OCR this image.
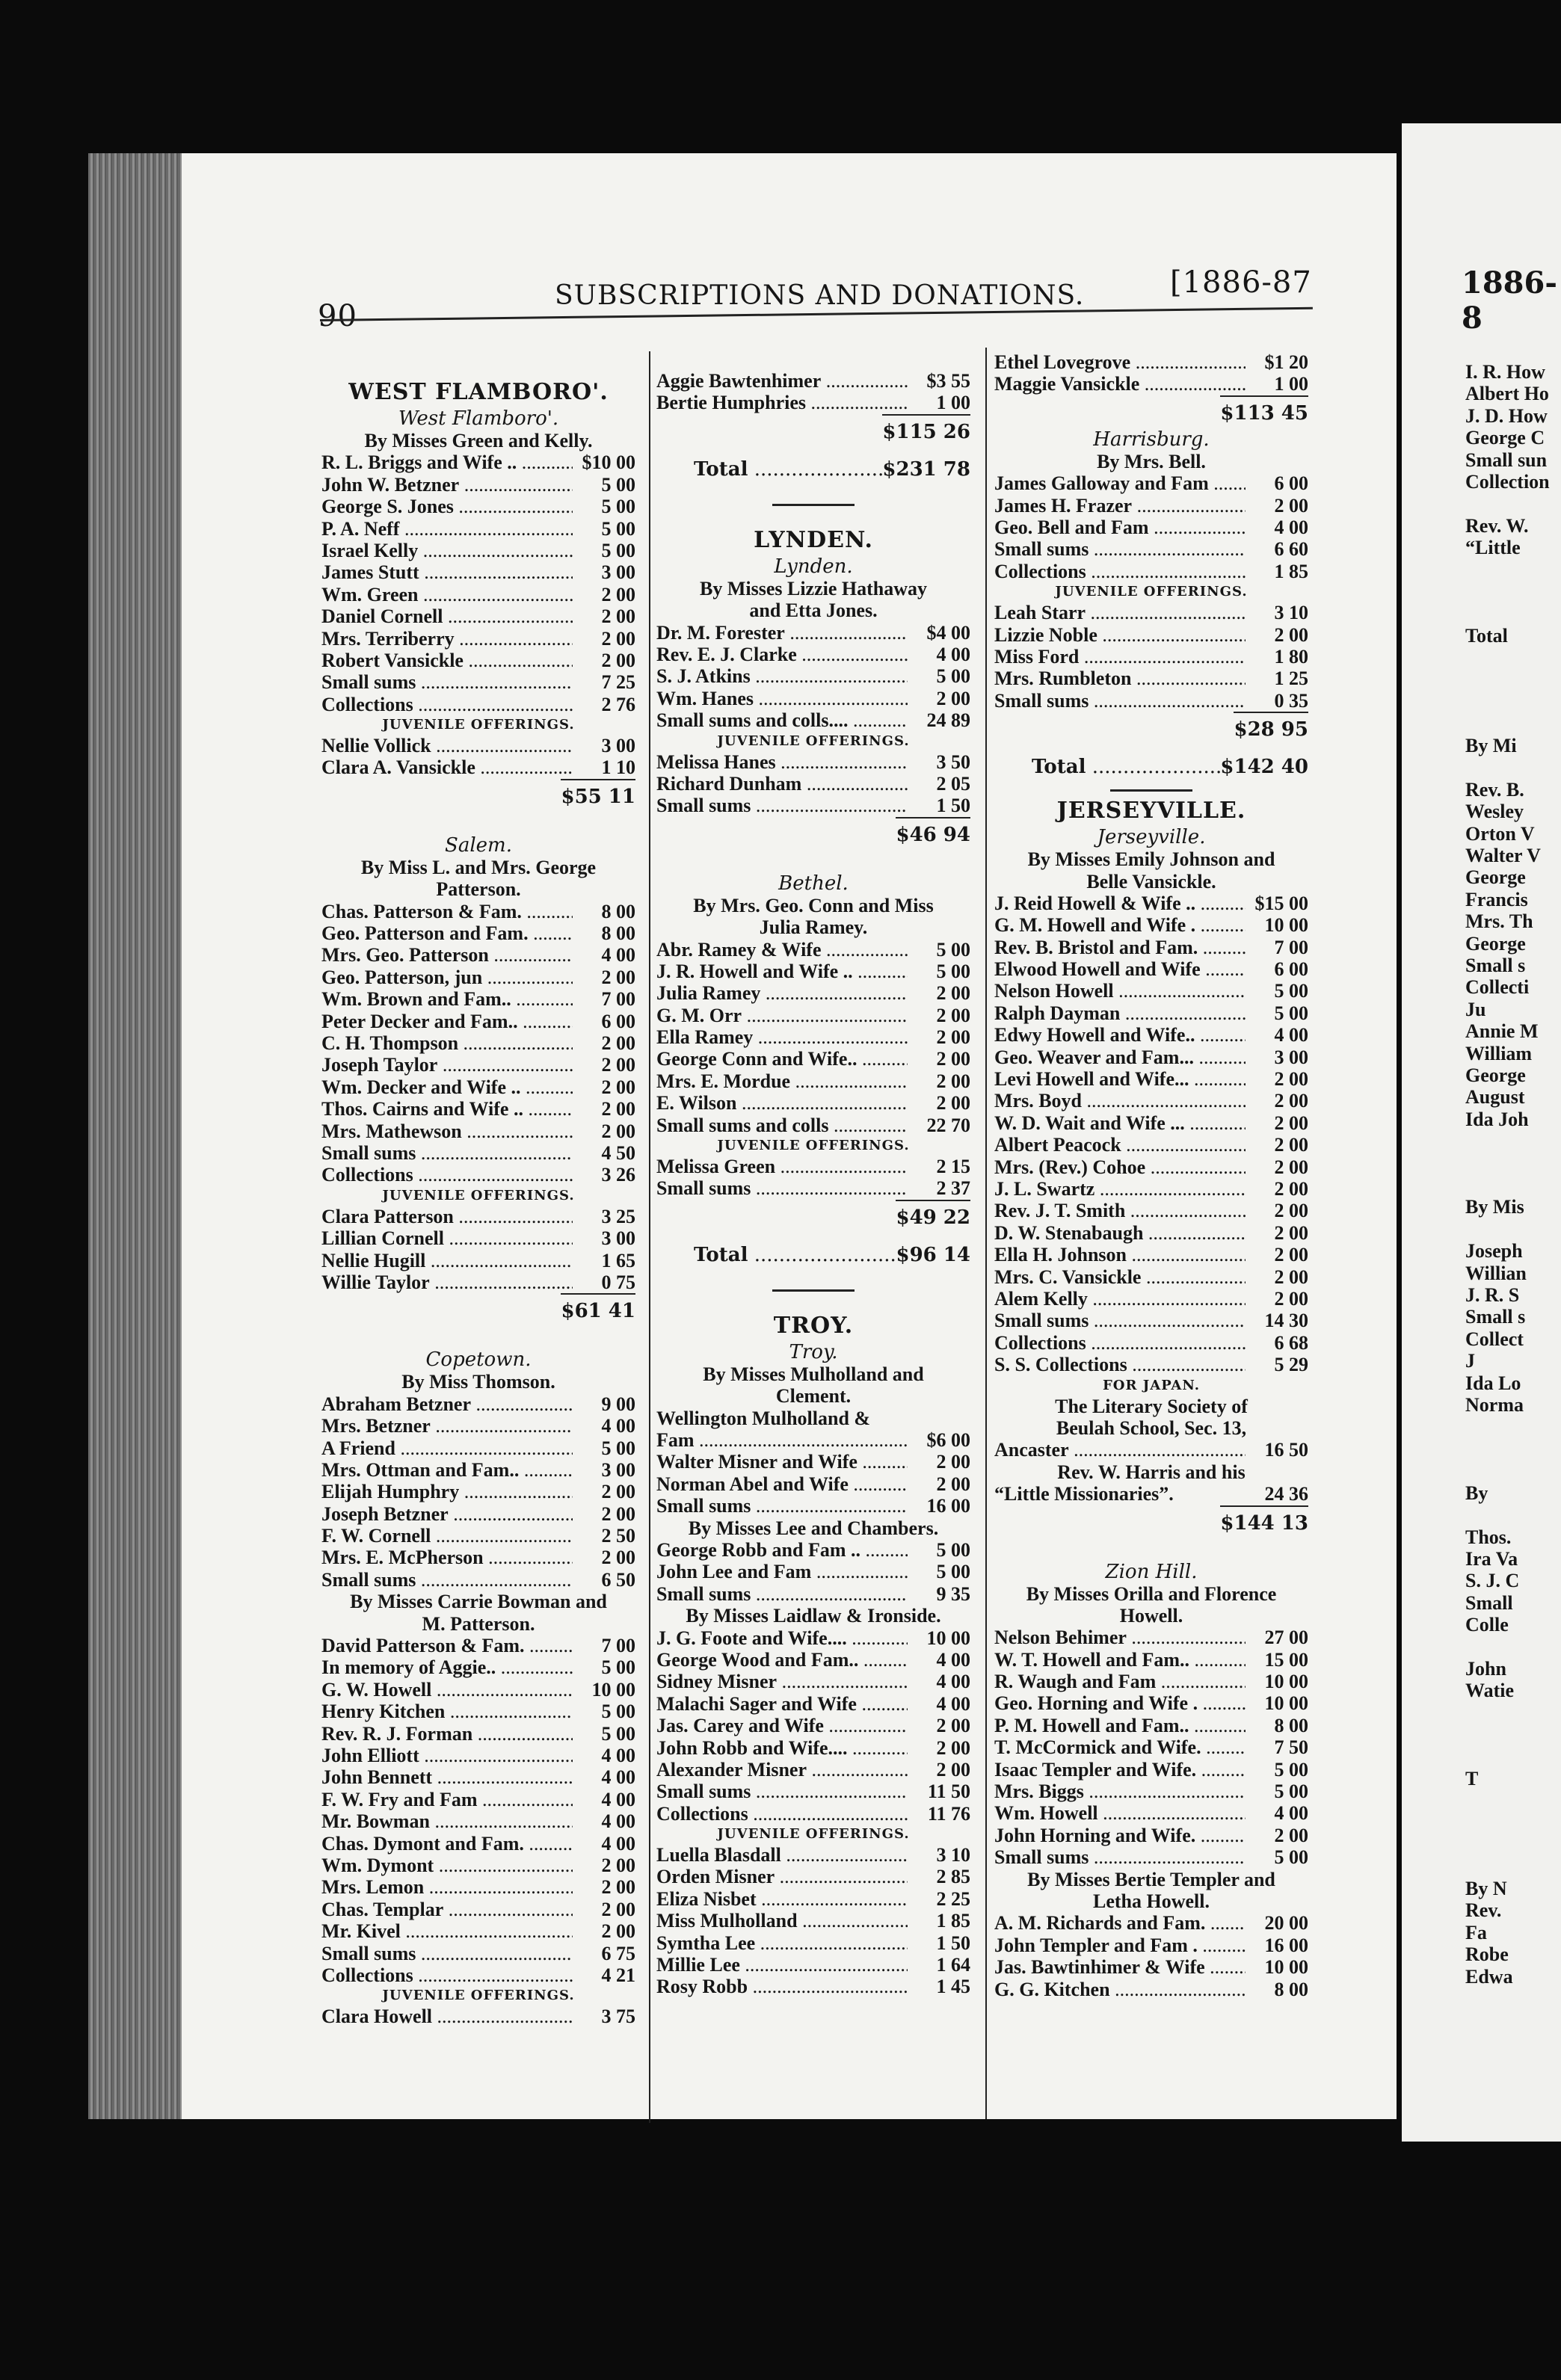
1886-8
I. R. How
Albert Ho
J. D. How
George C
Small sun
Collection

Rev. W.
“Little

Total

By Mi

Rev. B.
Wesley
Orton V
Walter V
George
Francis
Mrs. Th
George
Small s
Collecti
Ju
Annie M
William
George
August
Ida Joh

By Mis

Joseph
Willian
J. R. S
Small s
Collect
J
Ida Lo
Norma

By

Thos.
Ira Va
S. J. C
Small
Colle

John
Watie

T

By N
Rev.
Fa
Robe
Edwa
90
SUBSCRIPTIONS AND DONATIONS.	[1886-87
WEST FLAMBORO'.
West Flamboro'.
By Misses Green and Kelly.
R. L. Briggs and Wife .. .....	$10 00
John W. Betzner .....	5 00
George S. Jones .....	5 00
P. A. Neff .....	5 00
Israel Kelly .....	5 00
James Stutt .....	3 00
Wm. Green .....	2 00
Daniel Cornell .....	2 00
Mrs. Terriberry .....	2 00
Robert Vansickle .....	2 00
Small sums .....	7 25
Collections .....	2 76
JUVENILE OFFERINGS.
Nellie Vollick .....	3 00
Clara A. Vansickle .....	1 10
$55 11
Salem.
By Miss L. and Mrs. George
Patterson.
Chas. Patterson & Fam. .....	8 00
Geo. Patterson and Fam. .....	8 00
Mrs. Geo. Patterson .....	4 00
Geo. Patterson, jun .....	2 00
Wm. Brown and Fam.. .....	7 00
Peter Decker and Fam.. .....	6 00
C. H. Thompson .....	2 00
Joseph Taylor .....	2 00
Wm. Decker and Wife .. .....	2 00
Thos. Cairns and Wife .. .....	2 00
Mrs. Mathewson .....	2 00
Small sums .....	4 50
Collections .....	3 26
JUVENILE OFFERINGS.
Clara Patterson .....	3 25
Lillian Cornell .....	3 00
Nellie Hugill .....	1 65
Willie Taylor .....	0 75
$61 41
Copetown.
By Miss Thomson.
Abraham Betzner .....	9 00
Mrs. Betzner .....	4 00
A Friend .....	5 00
Mrs. Ottman and Fam.. .....	3 00
Elijah Humphry .....	2 00
Joseph Betzner .....	2 00
F. W. Cornell .....	2 50
Mrs. E. McPherson .....	2 00
Small sums .....	6 50
By Misses Carrie Bowman and
M. Patterson.
David Patterson & Fam. .....	7 00
In memory of Aggie.. .....	5 00
G. W. Howell .....	10 00
Henry Kitchen .....	5 00
Rev. R. J. Forman .....	5 00
John Elliott .....	4 00
John Bennett .....	4 00
F. W. Fry and Fam .....	4 00
Mr. Bowman .....	4 00
Chas. Dymont and Fam. .....	4 00
Wm. Dymont .....	2 00
Mrs. Lemon .....	2 00
Chas. Templar .....	2 00
Mr. Kivel .....	2 00
Small sums .....	6 75
Collections .....	4 21
JUVENILE OFFERINGS.
Clara Howell .....	3 75
Aggie Bawtenhimer .....	$3 55
Bertie Humphries .....	1 00
$115 26
Total .....	$231 78
LYNDEN.
Lynden.
By Misses Lizzie Hathaway
and Etta Jones.
Dr. M. Forester .....	$4 00
Rev. E. J. Clarke .....	4 00
S. J. Atkins .....	5 00
Wm. Hanes .....	2 00
Small sums and colls.... .....	24 89
JUVENILE OFFERINGS.
Melissa Hanes .....	3 50
Richard Dunham .....	2 05
Small sums .....	1 50
$46 94
Bethel.
By Mrs. Geo. Conn and Miss
Julia Ramey.
Abr. Ramey & Wife .....	5 00
J. R. Howell and Wife .. .....	5 00
Julia Ramey .....	2 00
G. M. Orr .....	2 00
Ella Ramey .....	2 00
George Conn and Wife.. .....	2 00
Mrs. E. Mordue .....	2 00
E. Wilson .....	2 00
Small sums and colls .....	22 70
JUVENILE OFFERINGS.
Melissa Green .....	2 15
Small sums .....	2 37
$49 22
Total .....	$96 14
TROY.
Troy.
By Misses Mulholland and
Clement.
Wellington Mulholland &
Fam .....	$6 00
Walter Misner and Wife .....	2 00
Norman Abel and Wife .....	2 00
Small sums .....	16 00
By Misses Lee and Chambers.
George Robb and Fam .. .....	5 00
John Lee and Fam .....	5 00
Small sums .....	9 35
By Misses Laidlaw & Ironside.
J. G. Foote and Wife.... .....	10 00
George Wood and Fam.. .....	4 00
Sidney Misner .....	4 00
Malachi Sager and Wife .....	4 00
Jas. Carey and Wife .....	2 00
John Robb and Wife.... .....	2 00
Alexander Misner .....	2 00
Small sums .....	11 50
Collections .....	11 76
JUVENILE OFFERINGS.
Luella Blasdall .....	3 10
Orden Misner .....	2 85
Eliza Nisbet .....	2 25
Miss Mulholland .....	1 85
Symtha Lee .....	1 50
Millie Lee .....	1 64
Rosy Robb .....	1 45
Ethel Lovegrove .....	$1 20
Maggie Vansickle .....	1 00
$113 45
Harrisburg.
By Mrs. Bell.
James Galloway and Fam .....	6 00
James H. Frazer .....	2 00
Geo. Bell and Fam .....	4 00
Small sums .....	6 60
Collections .....	1 85
JUVENILE OFFERINGS.
Leah Starr .....	3 10
Lizzie Noble .....	2 00
Miss Ford .....	1 80
Mrs. Rumbleton .....	1 25
Small sums .....	0 35
$28 95
Total .....	$142 40
JERSEYVILLE.
Jerseyville.
By Misses Emily Johnson and
Belle Vansickle.
J. Reid Howell & Wife .. .....	$15 00
G. M. Howell and Wife . .....	10 00
Rev. B. Bristol and Fam. .....	7 00
Elwood Howell and Wife .....	6 00
Nelson Howell .....	5 00
Ralph Dayman .....	5 00
Edwy Howell and Wife.. .....	4 00
Geo. Weaver and Fam... .....	3 00
Levi Howell and Wife... .....	2 00
Mrs. Boyd .....	2 00
W. D. Wait and Wife ... .....	2 00
Albert Peacock .....	2 00
Mrs. (Rev.) Cohoe .....	2 00
J. L. Swartz .....	2 00
Rev. J. T. Smith .....	2 00
D. W. Stenabaugh .....	2 00
Ella H. Johnson .....	2 00
Mrs. C. Vansickle .....	2 00
Alem Kelly .....	2 00
Small sums .....	14 30
Collections .....	6 68
S. S. Collections .....	5 29
FOR JAPAN.
The Literary Society of
Beulah School, Sec. 13,
Ancaster .....	16 50
Rev. W. Harris and his
“Little Missionaries”.	24 36
$144 13
Zion Hill.
By Misses Orilla and Florence
Howell.
Nelson Behimer .....	27 00
W. T. Howell and Fam.. .....	15 00
R. Waugh and Fam .....	10 00
Geo. Horning and Wife . .....	10 00
P. M. Howell and Fam.. .....	8 00
T. McCormick and Wife. .....	7 50
Isaac Templer and Wife. .....	5 00
Mrs. Biggs .....	5 00
Wm. Howell .....	4 00
John Horning and Wife. .....	2 00
Small sums .....	5 00
By Misses Bertie Templer and
Letha Howell.
A. M. Richards and Fam. .....	20 00
John Templer and Fam . .....	16 00
Jas. Bawtinhimer & Wife .....	10 00
G. G. Kitchen .....	8 00
